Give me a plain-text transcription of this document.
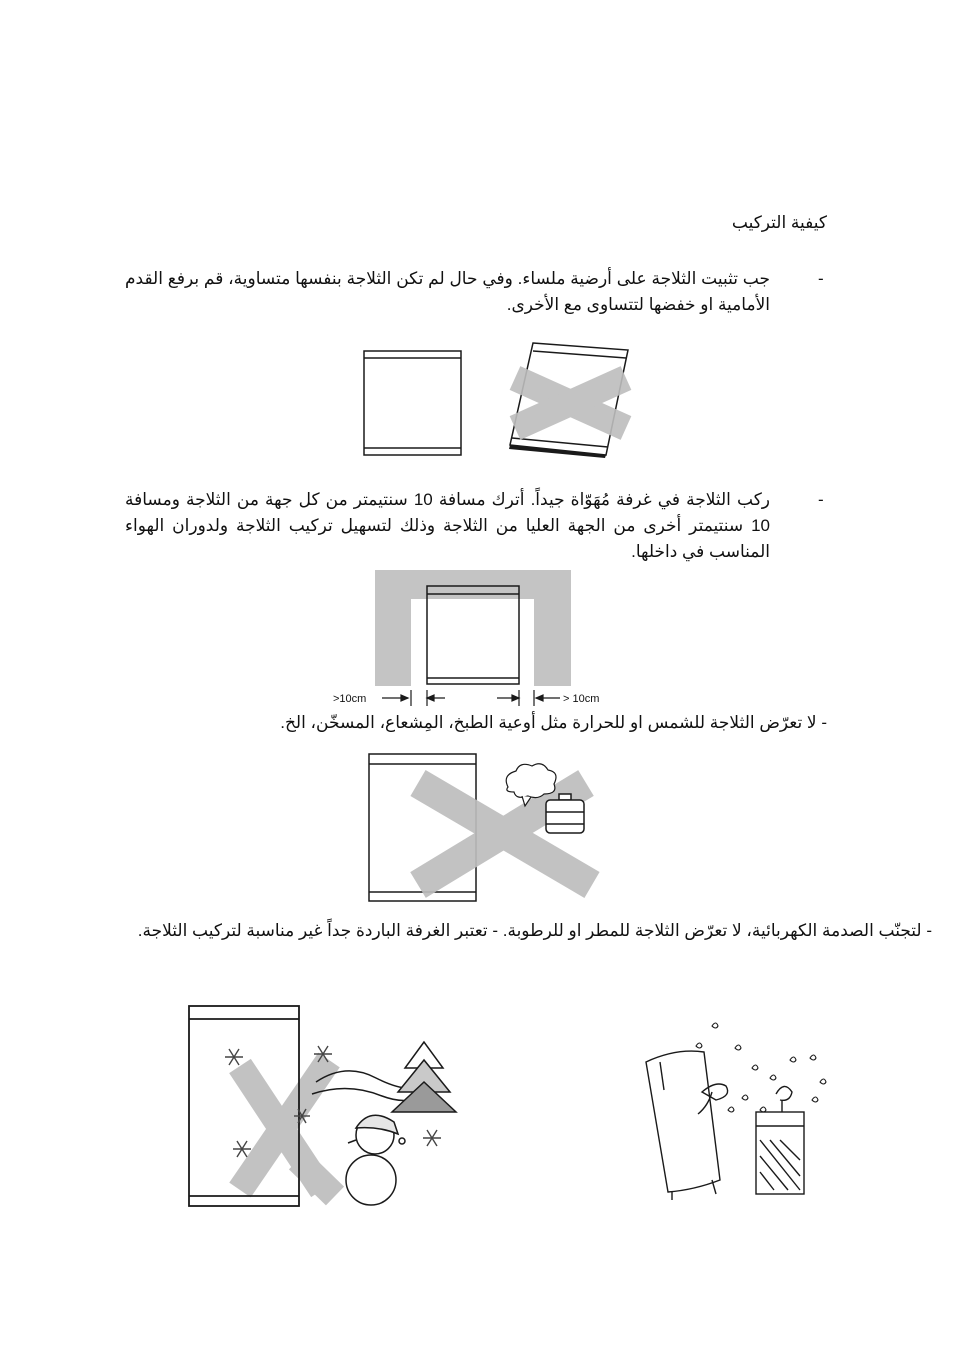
كيفية التركيب
-
جب تثبيت الثلاجة على أرضية ملساء. وفي حال لم تكن الثلاجة بنفسها متساوية، قم برفع القدم الأمامية او خفضها لتتساوى مع الأخرى.
-
ركب الثلاجة في غرفة مُهَوّاة جيداً. أترك مسافة 10 سنتيمتر من كل جهة من الثلاجة ومسافة 10 سنتيمتر أخرى من الجهة العليا من الثلاجة وذلك لتسهيل تركيب الثلاجة ولدوران الهواء المناسب في داخلها.
- لا تعرّض الثلاجة للشمس او للحرارة مثل أوعية الطبخ، المِشعاع، المسخّن، الخ.
- لتجنّب الصدمة الكهربائية، لا تعرّض الثلاجة للمطر او للرطوبة. - تعتبر الغرفة الباردة جداً غير مناسبة لتركيب الثلاجة.
>10cm	> 10cm
